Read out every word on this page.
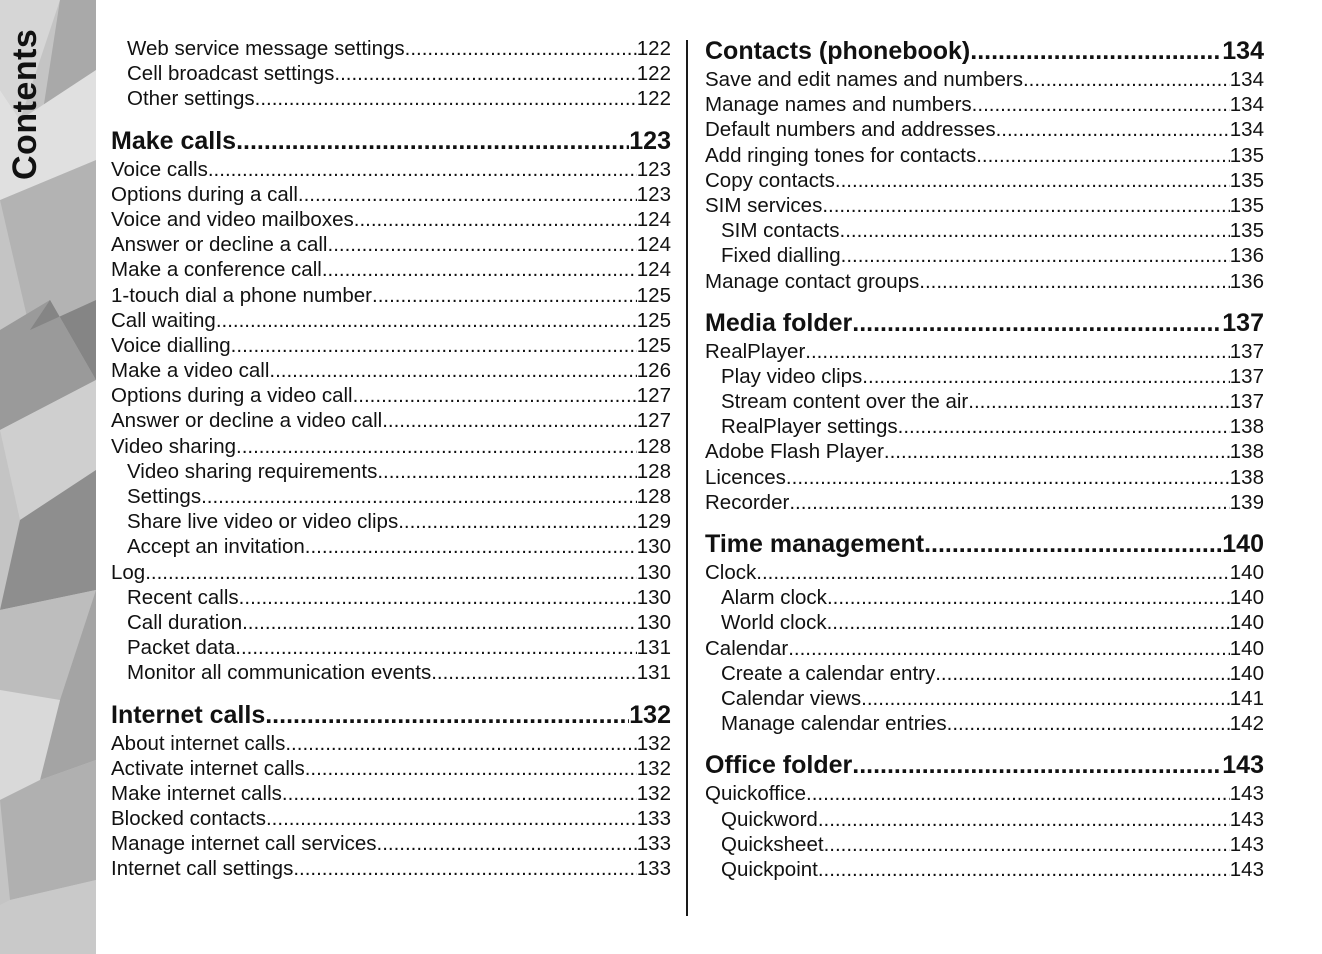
Contents	Web service message settings .....	122
Cell broadcast settings .....	122
Other settings .....	122
Make calls .....	123
Voice calls .....	123
Options during a call .....	123
Voice and video mailboxes .....	124
Answer or decline a call .....	124
Make a conference call .....	124
1-touch dial a phone number .....	125
Call waiting .....	125
Voice dialling .....	125
Make a video call .....	126
Options during a video call .....	127
Answer or decline a video call .....	127
Video sharing .....	128
Video sharing requirements .....	128
Settings .....	128
Share live video or video clips .....	129
Accept an invitation .....	130
Log .....	130
Recent calls .....	130
Call duration .....	130
Packet data .....	131
Monitor all communication events .....	131
Internet calls .....	132
About internet calls .....	132
Activate internet calls .....	132
Make internet calls .....	132
Blocked contacts .....	133
Manage internet call services .....	133
Internet call settings .....	133
Contacts (phonebook) .....	134
Save and edit names and numbers .....	134
Manage names and numbers .....	134
Default numbers and addresses .....	134
Add ringing tones for contacts .....	135
Copy contacts .....	135
SIM services .....	135
SIM contacts .....	135
Fixed dialling .....	136
Manage contact groups .....	136
Media folder .....	137
RealPlayer .....	137
Play video clips .....	137
Stream content over the air .....	137
RealPlayer settings .....	138
Adobe Flash Player .....	138
Licences .....	138
Recorder .....	139
Time management .....	140
Clock .....	140
Alarm clock .....	140
World clock .....	140
Calendar .....	140
Create a calendar entry .....	140
Calendar views .....	141
Manage calendar entries .....	142
Office folder .....	143
Quickoffice .....	143
Quickword .....	143
Quicksheet .....	143
Quickpoint .....	143
